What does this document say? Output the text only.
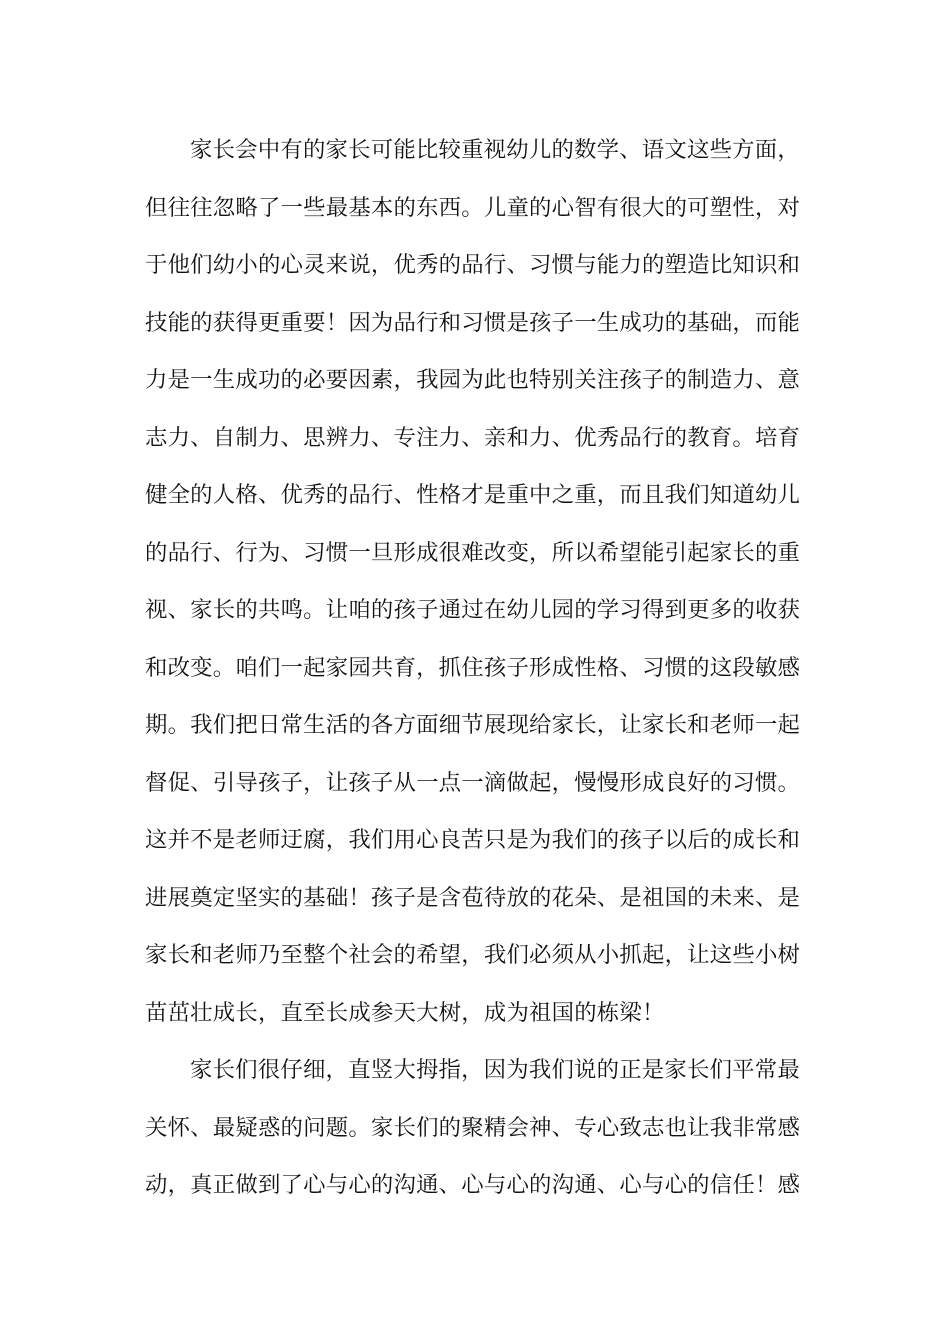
家长会中有的家长可能比较重视幼儿的数学、语文这些方面，
但往往忽略了一些最基本的东西。儿童的心智有很大的可塑性，对
于他们幼小的心灵来说，优秀的品行、习惯与能力的塑造比知识和
技能的获得更重要！因为品行和习惯是孩子一生成功的基础，而能
力是一生成功的必要因素，我园为此也特别关注孩子的制造力、意
志力、自制力、思辨力、专注力、亲和力、优秀品行的教育。培育
健全的人格、优秀的品行、性格才是重中之重，而且我们知道幼儿
的品行、行为、习惯一旦形成很难改变，所以希望能引起家长的重
视、家长的共鸣。让咱的孩子通过在幼儿园的学习得到更多的收获
和改变。咱们一起家园共育，抓住孩子形成性格、习惯的这段敏感
期。我们把日常生活的各方面细节展现给家长，让家长和老师一起
督促、引导孩子，让孩子从一点一滴做起，慢慢形成良好的习惯。
这并不是老师迂腐，我们用心良苦只是为我们的孩子以后的成长和
进展奠定坚实的基础！孩子是含苞待放的花朵、是祖国的未来、是
家长和老师乃至整个社会的希望，我们必须从小抓起，让这些小树
苗茁壮成长，直至长成参天大树，成为祖国的栋梁！
家长们很仔细，直竖大拇指，因为我们说的正是家长们平常最
关怀、最疑惑的问题。家长们的聚精会神、专心致志也让我非常感
动，真正做到了心与心的沟通、心与心的沟通、心与心的信任！感
